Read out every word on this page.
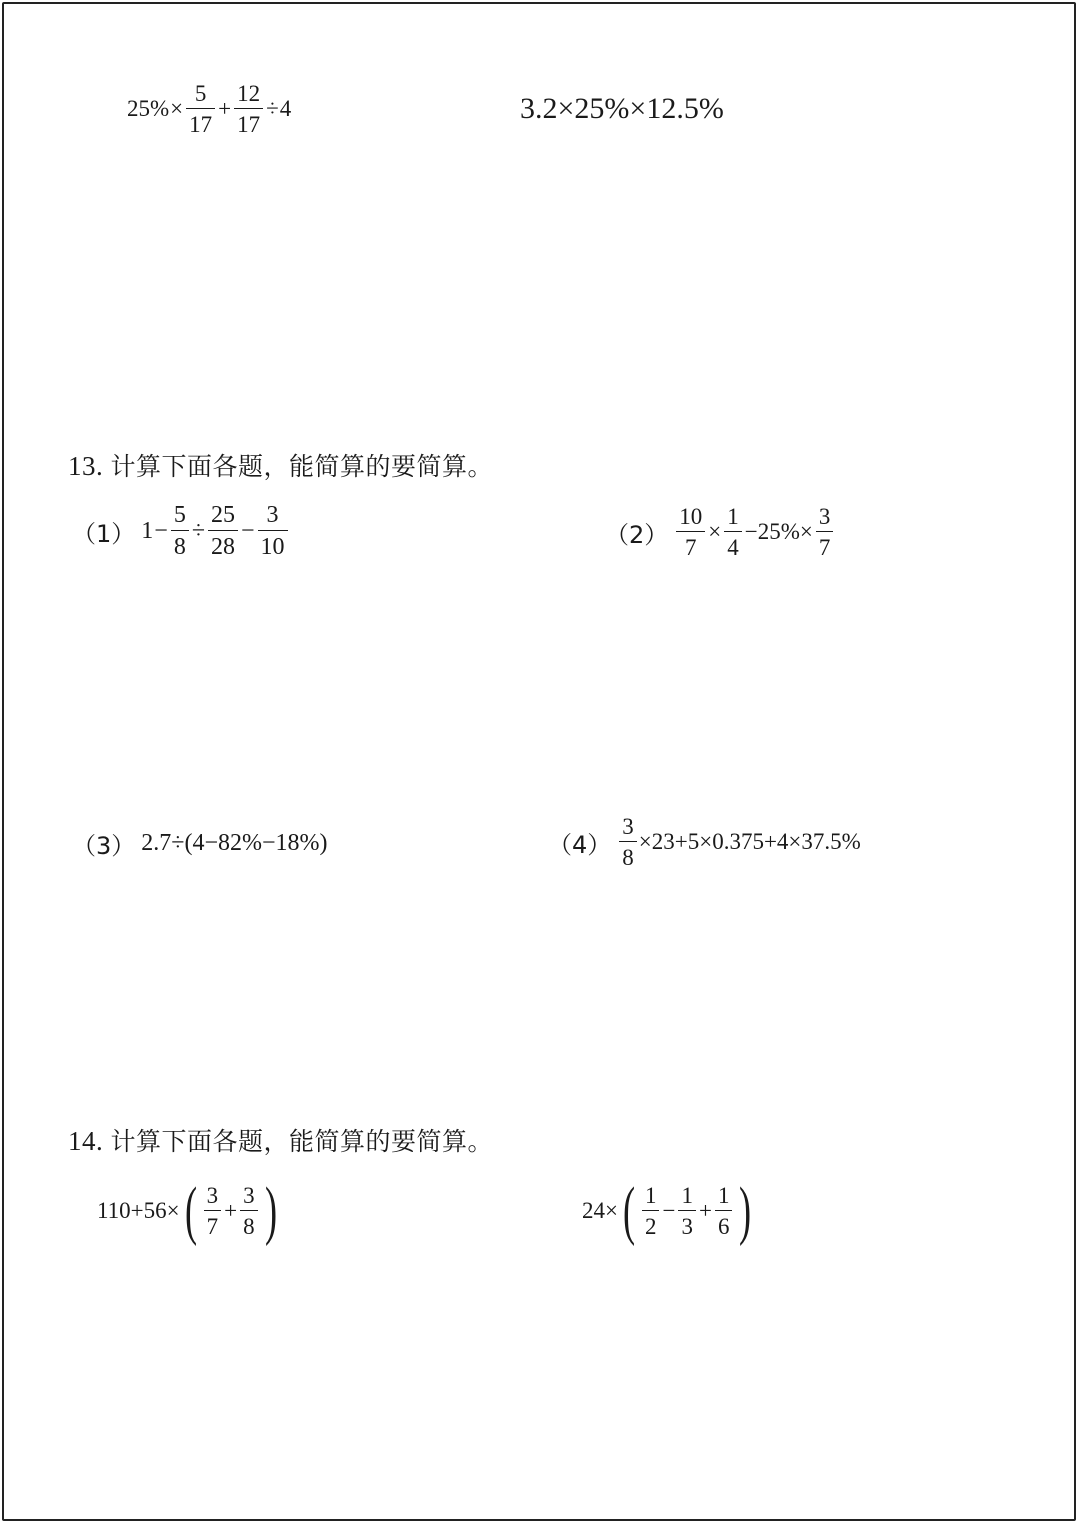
$25\% \times \frac{5}{17} + \frac{12}{17} \div 4$	3.2×25%×12.5%
13. 计算下面各题，能简算的要简算。
（1） $1 - \frac{5}{8} \div \frac{25}{28} - \frac{3}{10}$	$(2) \frac{10}{7} \times \frac{1}{4} -25\%\times \frac{3}{7}$
（3） 2.7÷(4−82%−18%)	$(4) \frac{3}{8} \times 23+5\times 0.375+4\times 37.5\%$
14. 计算下面各题，能简算的要简算。
110+56× ( $\frac{3}{7} + \frac{3}{8}$ )	24× ( $\frac{1}{2} - \frac{1}{3} + \frac{1}{6}$ )
